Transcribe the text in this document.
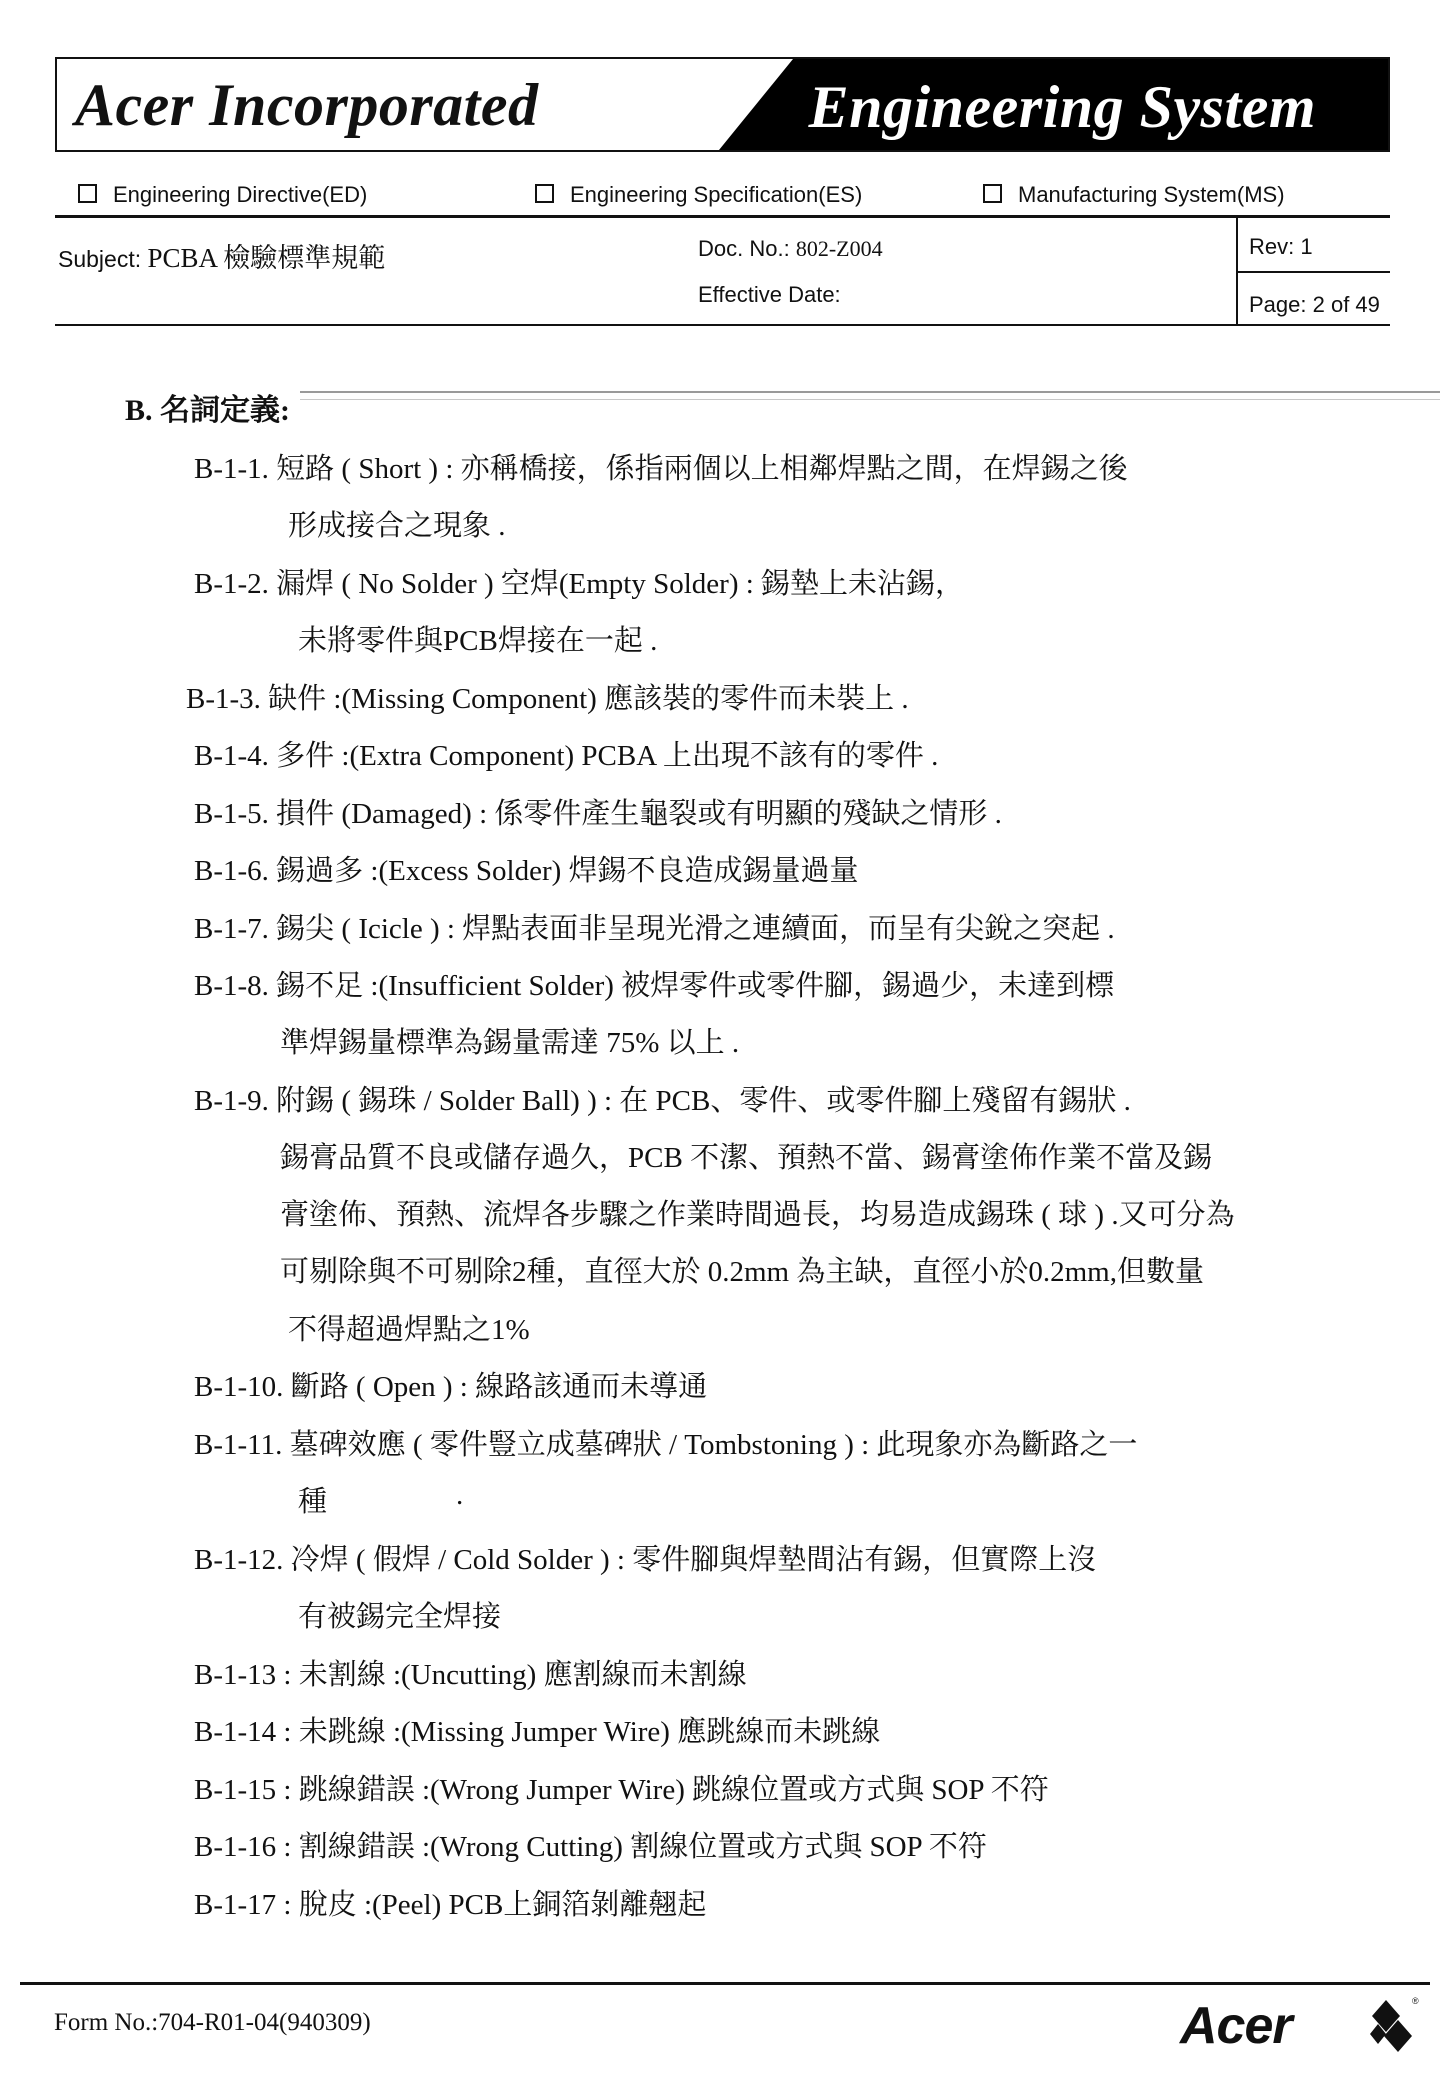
Acer Incorporated	Engineering System
Engineering Directive(ED)	Engineering Specification(ES)	Manufacturing System(MS)
Subject: PCBA 檢驗標準規範	Doc. No.: 802-Z004
Effective Date:
Rev: 1
Page: 2 of 49
B. 名詞定義:
B-1-1. 短路 ( Short ) : 亦稱橋接，係指兩個以上相鄰焊點之間，在焊錫之後
形成接合之現象 .
B-1-2. 漏焊 ( No Solder ) 空焊(Empty Solder) : 錫墊上未沾錫，
未將零件與PCB焊接在一起 .
B-1-3. 缺件 :(Missing Component) 應該裝的零件而未裝上 .
B-1-4. 多件 :(Extra Component) PCBA 上出現不該有的零件 .
B-1-5. 損件 (Damaged) : 係零件產生龜裂或有明顯的殘缺之情形 .
B-1-6. 錫過多 :(Excess Solder) 焊錫不良造成錫量過量
B-1-7. 錫尖 ( Icicle ) : 焊點表面非呈現光滑之連續面，而呈有尖銳之突起 .
B-1-8. 錫不足 :(Insufficient Solder) 被焊零件或零件腳，錫過少，未達到標
準焊錫量標準為錫量需達 75% 以上 .
B-1-9. 附錫 ( 錫珠 / Solder Ball) ) : 在 PCB、零件、或零件腳上殘留有錫狀 .
錫膏品質不良或儲存過久，PCB 不潔、預熱不當、錫膏塗佈作業不當及錫
膏塗佈、預熱、流焊各步驟之作業時間過長，均易造成錫珠 ( 球 ) .又可分為
可剔除與不可剔除2種，直徑大於 0.2mm 為主缺，直徑小於0.2mm,但數量
不得超過焊點之1%
B-1-10. 斷路 ( Open ) : 線路該通而未導通
B-1-11. 墓碑效應 ( 零件豎立成墓碑狀 / Tombstoning ) : 此現象亦為斷路之一
種	.
B-1-12. 冷焊 ( 假焊 / Cold Solder ) : 零件腳與焊墊間沾有錫，但實際上沒
有被錫完全焊接
B-1-13 : 未割線 :(Uncutting) 應割線而未割線
B-1-14 : 未跳線 :(Missing Jumper Wire) 應跳線而未跳線
B-1-15 : 跳線錯誤 :(Wrong Jumper Wire) 跳線位置或方式與 SOP 不符
B-1-16 : 割線錯誤 :(Wrong Cutting) 割線位置或方式與 SOP 不符
B-1-17 : 脫皮 :(Peel) PCB上銅箔剝離翹起
Form No.:704-R01-04(940309)	Acer	®
